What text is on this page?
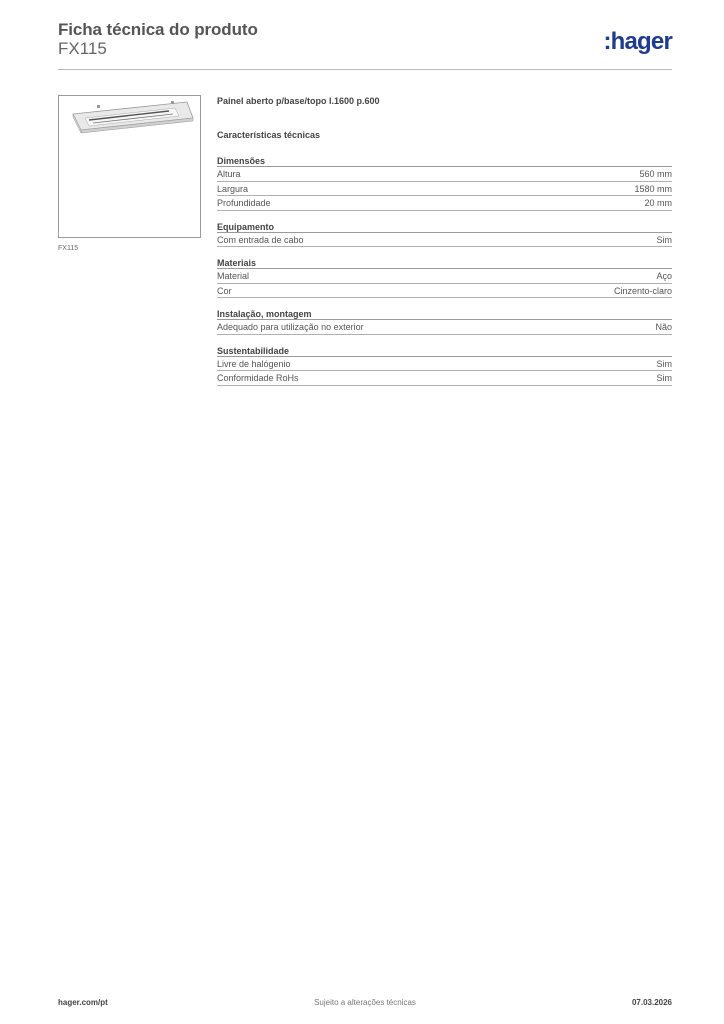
Ficha técnica do produto
FX115	:hager
FX115
Painel aberto p/base/topo l.1600 p.600
Características técnicas
Dimensões
Altura	560 mm
Largura	1580 mm
Profundidade	20 mm
Equipamento
Com entrada de cabo	Sim
Materiais
Material	Aço
Cor	Cinzento-claro
Instalação, montagem
Adequado para utilização no exterior	Não
Sustentabilidade
Livre de halógenio	Sim
Conformidade RoHs	Sim
Sujeito a alterações técnicas
hager.com/pt	07.03.2026
